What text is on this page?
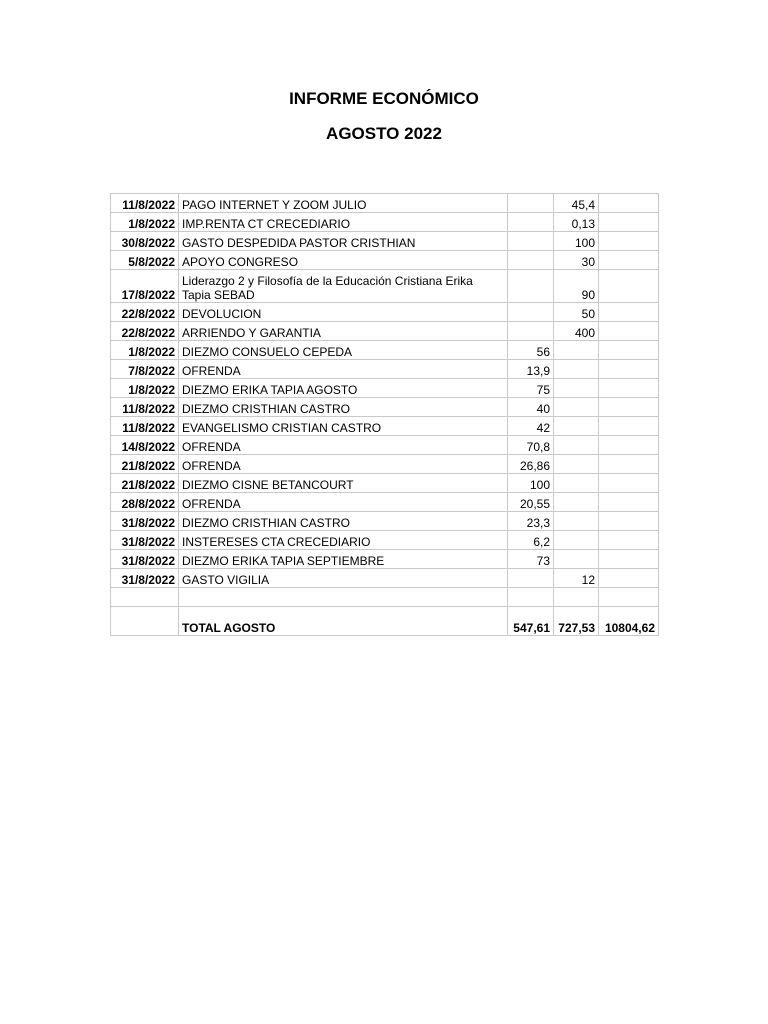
INFORME ECONÓMICO
AGOSTO 2022
11/8/2022	PAGO INTERNET Y ZOOM JULIO		45,4	
1/8/2022	IMP.RENTA CT CRECEDIARIO		0,13	
30/8/2022	GASTO DESPEDIDA PASTOR CRISTHIAN		100	
5/8/2022	APOYO CONGRESO		30	
17/8/2022	Liderazgo 2 y Filosofía de la Educación Cristiana Erika Tapia SEBAD		90	
22/8/2022	DEVOLUCION		50	
22/8/2022	ARRIENDO Y GARANTIA		400	
1/8/2022	DIEZMO CONSUELO CEPEDA	56		
7/8/2022	OFRENDA	13,9		
1/8/2022	DIEZMO ERIKA TAPIA AGOSTO	75		
11/8/2022	DIEZMO CRISTHIAN CASTRO	40		
11/8/2022	EVANGELISMO CRISTIAN CASTRO	42		
14/8/2022	OFRENDA	70,8		
21/8/2022	OFRENDA	26,86		
21/8/2022	DIEZMO CISNE BETANCOURT	100		
28/8/2022	OFRENDA	20,55		
31/8/2022	DIEZMO CRISTHIAN CASTRO	23,3		
31/8/2022	INSTERESES CTA CRECEDIARIO	6,2		
31/8/2022	DIEZMO ERIKA TAPIA SEPTIEMBRE	73		
31/8/2022	GASTO VIGILIA		12	

	TOTAL AGOSTO	547,61	727,53	10804,62
